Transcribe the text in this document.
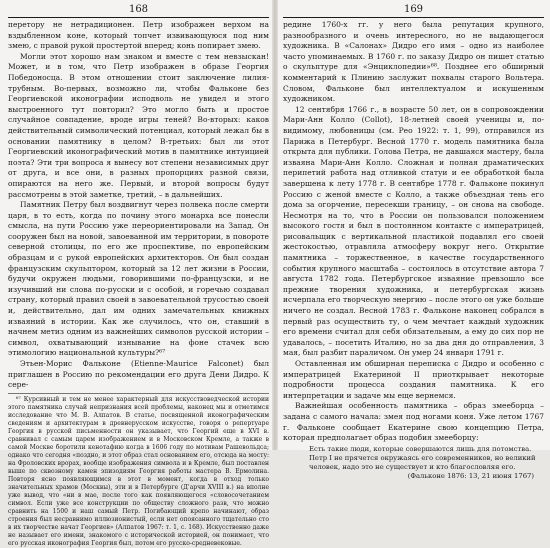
168

перетору не нетрадиционен. Петр изображен верхом на вздыбленном коне, который топчет извивающуюся под ним змею, с правой рукой простертой вперед; конь попирает змею.

Могли этот хорошо нам знаком и вместе с тем невзыскан! Может, и в том, что Петр изображен в образе Георгия Победоносца. В этом отношении стоит заключение лилия-трубным. Во-первых, возможно ли, чтобы Фальконе без Георгиевской иконографии исподволь не увидел и этого выстроенного тут повторил? Это могло быть и простое случайное совпадение, вроде игры теней? Во-вторых: каков действительный символический потенциал, который лежал бы в основании памятнику в целом? В-третьих: был ли этот Георгиевский иконографический мотив в памятнике интуицией поэта? Эти три вопроса я вынесу вот степени независимых друг от друга, и все они, в разных пропорциях разной связи, опираются на него же. Первый, и второй вопросы будут рассмотрены в этой заметке, третий, – в дальнейших.

Памятник Петру был воздвигнут через полвека после смерти царя, в то есть, когда по почину этого монарха все понесли смысла, на пути Россию уже переориентировали на Запад. Он сооружен был на новой, завоеванной им территории, в повороте северной столицы, по его же проспективе, по европейским образцам и с рукой европейских архитекторов. Он был создан французским скульптором, который за 12 лет жизни в России, будучи окружен людьми, говорившими по-французски, и не изучивший ни слова по-русски и с особой, и горечью создавал страну, который правил своей в завоевательной трусостью своей и, действительно, дал им одних замечательных книжных изваяний в истории. Как же случилось, что он, ставший в начнем метиз одним из важнейших символов русской истории – символ, охватывающий изнывание на фоне стачек всю этимологию национальной культуры?⁶⁷

Этьен-Морис Фальконе (Etienne-Maurice Falconet) был приглашен в Россию по рекомендации его друга Дени Дидро. К сере-

⁶⁷ Курсивный и тем не менее характерный для искусствоведческой истории этого памятника случай непризнания всей проблемы, наконец мы и отметимся исследование что М. В. Алпатов. В статье, посвященной иконографическим сведениям и архитектурам в древнерусском искусстве, говоря о репертуаре Георгия в русской письменности он указывает, что Георгий еще в XVI в. сравнивал с самым царем изображением и в Московском Кремле, а также в самой Москве боротили кенотафию когда в 1606 году по мотивам Рашевольдса; однако что сегодня «поздно, и этот образ стал основанием его, отсюда на мосту: на Фроловских врорах, вообще изображения символа и в Кремле, был поставлен выше по сквозному камен эпизодиям Георгия работы мастера В. Ермолина. Повторя ясно появляющимся в этот в момент, когда в отход только значительных храмов (Москвы), эти и в Петербурге (Д'арчи XVIII в.) на вполне уже вывод, что «ни в мае, после того как появляющегося «словосочетанием символ. Если уже все конструкции по обществу сложного разв, что можно сравнить на 1500 и наш самый Петр. Погибающий крепо начинают, образ строения был несравнимо иллюзионистый, если нет опоясанного тщательно сто в их творчестве начат Георгиев» (Алпатов 1967: т. 1, с. 168). Искусственно даже не называет его имени, знакомого с исторической историей, он понимает, что его русская иконография Георгия был, потом его русско-средневековые.

169

редине 1760-х гг. у него была репутация крупного, разнообразного и очень интересного, но не выдающегося художника. В «Салонах» Дидро его имя – одно из наиболее часто упоминаемых. В 1760 г. по заказу Дидро он пишет статью о скульптуре для «Энциклопедии»⁶⁸. Позднее его обширный комментарий к Плинию заслужит похвалы старого Вольтера. Словом, Фальконе был интеллектуалом и искушенным художником.

12 сентября 1766 г., в возрасте 50 лет, он в сопровождении Мари-Анн Колло (Collot), 18-летней своей ученицы и, по-видимому, любовницы (см. Рео 1922: т. 1, 99), отправился из Парижа в Петербург. Весной 1770 г. модель памятника была открыта для публики. Голова Петра, не давшаяся мастеру, была изваяна Мари-Анн Колло. Сложная и полная драматических перипетий работа над отливкой статуи и ее обработкой была завершена к лету 1778 г. В сентябре 1778 г. Фальконе покинул Россию с женой вместе с Колло, а также объездная тень его дома за огорчение, пересекши границу, – он снова на свободе. Несмотря на то, что в России он пользовался положением высокого гостя и был в постоянном контакте с императрицей, рисовальщик с вертикальной пластикой подавлял его своей жестокостью, отравляла атмосферу вокруг него. Открытие памятника – торжественное, в качестве государственного события крупного масштаба – состоялось в отсутствие автора 7 августа 1782 года. Петербургское изваяние превзошло все прежние творения художника, и петербургская жизнь исчерпала его творческую энергию – после этого он уже больше ничего не создал. Весной 1783 г. Фальконе наконец собрался в первый раз осуществить ту, о чем мечтает каждый художник его времени считал для себя обязательным, а ему до сих пор не удавалось, – посетить Италию, но за два дня до отправления, 3 мая, был разбит параличом. Он умер 24 января 1791 г.

Оставленная им обширная переписка с Дидро и особенно с императрицей Екатериной II приоткрывает некоторые подробности процесса создания памятника. К его интерпретации и задаче мы еще вернемся.

Важнейшая особенность памятника – образ змееборца – задана с самого начала: змея под ногами коня. Уже летом 1767 г. Фальконе сообщает Екатерине свою концепцию Петра, которая предполагает образ подобия змееборцу:

Есть такие люди, которые совершаются лишь для потомства.
Петр I не прячется окружаясь его современников, но великий человек, надо это не существует и кто благословляя его.
(Фальконе 1876: 13, 21 июня 1767)
